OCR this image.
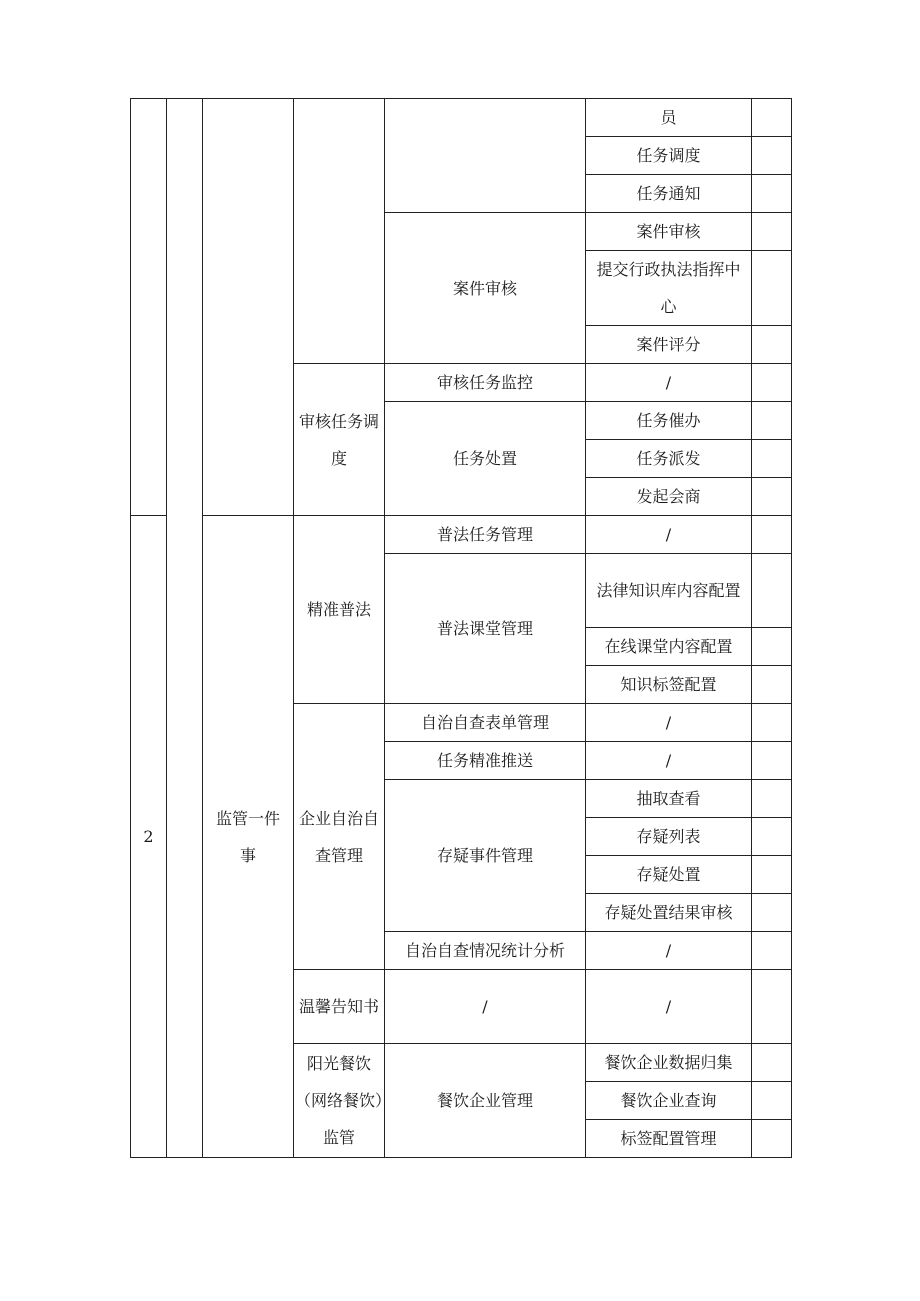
					员	
					任务调度	
					任务通知	
				案件审核	案件审核	
					提交行政执法指挥中心	
					案件评分	
			审核任务调度	审核任务监控	/	
				任务处置	任务催办	
					任务派发	
					发起会商	

2		监管一件事	精准普法	普法任务管理	/	
				普法课堂管理	法律知识库内容配置	
					在线课堂内容配置	
					知识标签配置	
			企业自治自查管理	自治自查表单管理	/	
				任务精准推送	/	
				存疑事件管理	抽取查看	
					存疑列表	
					存疑处置	
					存疑处置结果审核	
				自治自查情况统计分析	/	
			温馨告知书	/	/	
			阳光餐饮（网络餐饮）监管	餐饮企业管理	餐饮企业数据归集	
					餐饮企业查询	
					标签配置管理	
